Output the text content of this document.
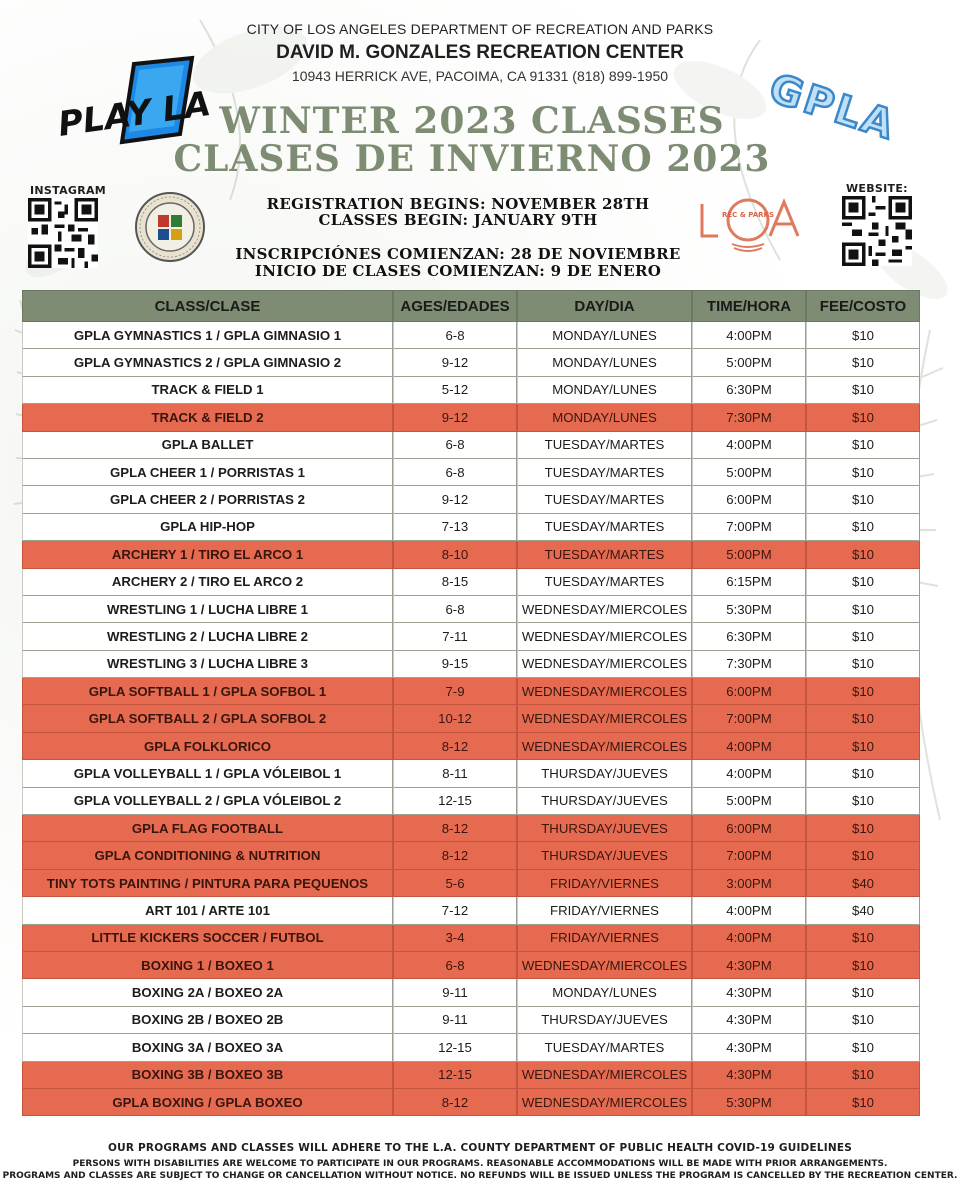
CITY OF LOS ANGELES DEPARTMENT OF RECREATION AND PARKS
DAVID M. GONZALES RECREATION CENTER
10943 HERRICK AVE, PACOIMA, CA 91331 (818) 899-1950
WINTER 2023 CLASSES
CLASES DE INVIERNO 2023
REGISTRATION BEGINS: NOVEMBER 28TH
CLASSES BEGIN: JANUARY 9TH
INSCRIPCIÓNES COMIENZAN: 28 DE NOVIEMBRE
INICIO DE CLASES COMIENZAN: 9 DE ENERO
PLAY LA	GPLA
INSTAGRAM
REC & PARKS
WEBSITE:
CLASS/CLASE	AGES/EDADES	DAY/DIA	TIME/HORA	FEE/COSTO
GPLA GYMNASTICS 1 / GPLA GIMNASIO 1	6-8	MONDAY/LUNES	4:00PM	$10
GPLA GYMNASTICS 2 / GPLA GIMNASIO 2	9-12	MONDAY/LUNES	5:00PM	$10
TRACK & FIELD 1	5-12	MONDAY/LUNES	6:30PM	$10
TRACK & FIELD 2	9-12	MONDAY/LUNES	7:30PM	$10
GPLA BALLET	6-8	TUESDAY/MARTES	4:00PM	$10
GPLA CHEER 1 / PORRISTAS 1	6-8	TUESDAY/MARTES	5:00PM	$10
GPLA CHEER 2 / PORRISTAS 2	9-12	TUESDAY/MARTES	6:00PM	$10
GPLA HIP-HOP	7-13	TUESDAY/MARTES	7:00PM	$10
ARCHERY 1 / TIRO EL ARCO 1	8-10	TUESDAY/MARTES	5:00PM	$10
ARCHERY 2 / TIRO EL ARCO 2	8-15	TUESDAY/MARTES	6:15PM	$10
WRESTLING 1 / LUCHA LIBRE 1	6-8	WEDNESDAY/MIERCOLES	5:30PM	$10
WRESTLING 2 / LUCHA LIBRE 2	7-11	WEDNESDAY/MIERCOLES	6:30PM	$10
WRESTLING 3 / LUCHA LIBRE 3	9-15	WEDNESDAY/MIERCOLES	7:30PM	$10
GPLA SOFTBALL 1 / GPLA SOFBOL 1	7-9	WEDNESDAY/MIERCOLES	6:00PM	$10
GPLA SOFTBALL 2 / GPLA SOFBOL 2	10-12	WEDNESDAY/MIERCOLES	7:00PM	$10
GPLA FOLKLORICO	8-12	WEDNESDAY/MIERCOLES	4:00PM	$10
GPLA VOLLEYBALL 1 / GPLA VÓLEIBOL 1	8-11	THURSDAY/JUEVES	4:00PM	$10
GPLA VOLLEYBALL 2 / GPLA VÓLEIBOL 2	12-15	THURSDAY/JUEVES	5:00PM	$10
GPLA FLAG FOOTBALL	8-12	THURSDAY/JUEVES	6:00PM	$10
GPLA CONDITIONING & NUTRITION	8-12	THURSDAY/JUEVES	7:00PM	$10
TINY TOTS PAINTING / PINTURA PARA PEQUENOS	5-6	FRIDAY/VIERNES	3:00PM	$40
ART 101 / ARTE 101	7-12	FRIDAY/VIERNES	4:00PM	$40
LITTLE KICKERS SOCCER / FUTBOL	3-4	FRIDAY/VIERNES	4:00PM	$10
BOXING 1 / BOXEO 1	6-8	WEDNESDAY/MIERCOLES	4:30PM	$10
BOXING 2A / BOXEO 2A	9-11	MONDAY/LUNES	4:30PM	$10
BOXING 2B / BOXEO 2B	9-11	THURSDAY/JUEVES	4:30PM	$10
BOXING 3A / BOXEO 3A	12-15	TUESDAY/MARTES	4:30PM	$10
BOXING 3B / BOXEO 3B	12-15	WEDNESDAY/MIERCOLES	4:30PM	$10
GPLA BOXING / GPLA BOXEO	8-12	WEDNESDAY/MIERCOLES	5:30PM	$10
OUR PROGRAMS AND CLASSES WILL ADHERE TO THE L.A. COUNTY DEPARTMENT OF PUBLIC HEALTH COVID-19 GUIDELINES
PERSONS WITH DISABILITIES ARE WELCOME TO PARTICIPATE IN OUR PROGRAMS. REASONABLE ACCOMMODATIONS WILL BE MADE WITH PRIOR ARRANGEMENTS.
PROGRAMS AND CLASSES ARE SUBJECT TO CHANGE OR CANCELLATION WITHOUT NOTICE. NO REFUNDS WILL BE ISSUED UNLESS THE PROGRAM IS CANCELLED BY THE RECREATION CENTER.
